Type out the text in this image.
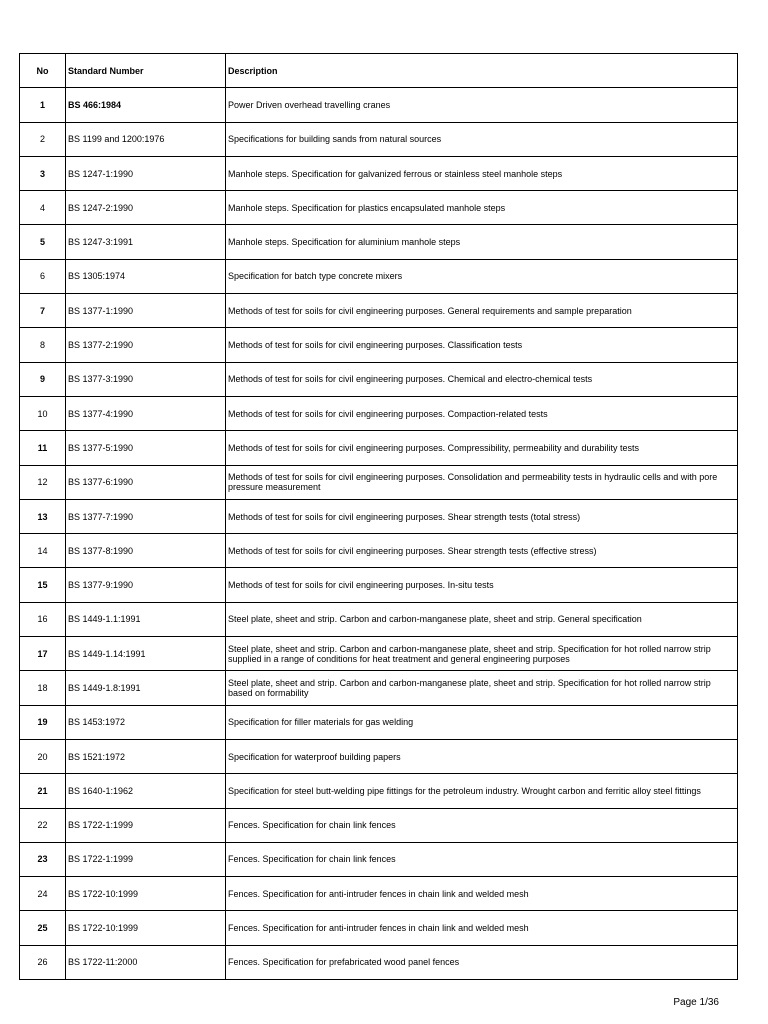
No	Standard Number	Description
1	BS 466:1984	Power Driven overhead travelling cranes
2	BS 1199 and 1200:1976	Specifications for building sands from natural sources
3	BS 1247-1:1990	Manhole steps. Specification for galvanized ferrous or stainless steel manhole steps
4	BS 1247-2:1990	Manhole steps. Specification for plastics encapsulated manhole steps
5	BS 1247-3:1991	Manhole steps. Specification for aluminium manhole steps
6	BS 1305:1974	Specification for batch type concrete mixers
7	BS 1377-1:1990	Methods of test for soils for civil engineering purposes. General requirements and sample preparation
8	BS 1377-2:1990	Methods of test for soils for civil engineering purposes. Classification tests
9	BS 1377-3:1990	Methods of test for soils for civil engineering purposes. Chemical and electro-chemical tests
10	BS 1377-4:1990	Methods of test for soils for civil engineering purposes. Compaction-related tests
11	BS 1377-5:1990	Methods of test for soils for civil engineering purposes. Compressibility, permeability and durability tests
12	BS 1377-6:1990	Methods of test for soils for civil engineering purposes. Consolidation and permeability tests in hydraulic cells and with pore pressure measurement
13	BS 1377-7:1990	Methods of test for soils for civil engineering purposes. Shear strength tests (total stress)
14	BS 1377-8:1990	Methods of test for soils for civil engineering purposes. Shear strength tests (effective stress)
15	BS 1377-9:1990	Methods of test for soils for civil engineering purposes. In-situ tests
16	BS 1449-1.1:1991	Steel plate, sheet and strip. Carbon and carbon-manganese plate, sheet and strip. General specification
17	BS 1449-1.14:1991	Steel plate, sheet and strip. Carbon and carbon-manganese plate, sheet and strip. Specification for hot rolled narrow strip supplied in a range of conditions for heat treatment and general engineering purposes
18	BS 1449-1.8:1991	Steel plate, sheet and strip. Carbon and carbon-manganese plate, sheet and strip. Specification for hot rolled narrow strip based on formability
19	BS 1453:1972	Specification for filler materials for gas welding
20	BS 1521:1972	Specification for waterproof building papers
21	BS 1640-1:1962	Specification for steel butt-welding pipe fittings for the petroleum industry. Wrought carbon and ferritic alloy steel fittings
22	BS 1722-1:1999	Fences. Specification for chain link fences
23	BS 1722-1:1999	Fences. Specification for chain link fences
24	BS 1722-10:1999	Fences. Specification for anti-intruder fences in chain link and welded mesh
25	BS 1722-10:1999	Fences. Specification for anti-intruder fences in chain link and welded mesh
26	BS 1722-11:2000	Fences. Specification for prefabricated wood panel fences
Page 1/36
